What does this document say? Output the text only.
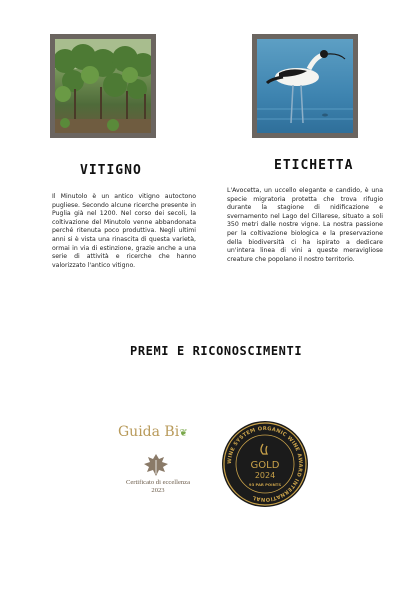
VITIGNO

Il Minutolo è un antico vitigno autoctono pugliese. Secondo alcune ricerche presente in Puglia già nel 1200. Nel corso dei secoli, la coltivazione del Minutolo venne abbandonata perché ritenuta poco produttiva. Negli ultimi anni si è vista una rinascita di questa varietà, ormai in via di estinzione, grazie anche a una serie di attività e ricerche che hanno valorizzato l'antico vitigno.

ETICHETTA

L'Avocetta, un uccello elegante e candido, è una specie migratoria protetta che trova rifugio durante la stagione di nidificazione e svernamento nel Lago del Cillarese, situato a soli 350 metri dalle nostre vigne. La nostra passione per la coltivazione biologica e la preservazione della biodiversità ci ha ispirato a dedicare un'intera linea di vini a queste meravigliose creature che popolano il nostro territorio.

PREMI E RICONOSCIMENTI
Guida Bi❦
Certificato di eccellenza
2023
WINE SYSTEM ORGANIC WINE AWARD INTERNATIONAL
GOLD
2024
93 PAR POINTS
